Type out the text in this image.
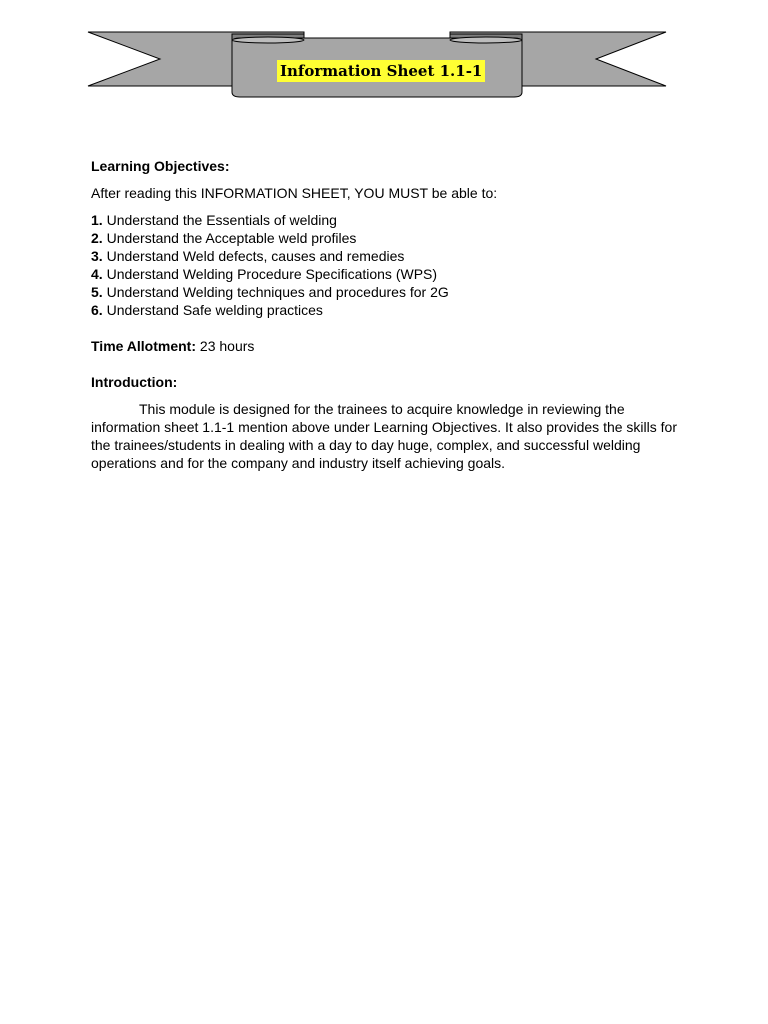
Information Sheet 1.1-1

Learning Objectives:

After reading this INFORMATION SHEET, YOU MUST be able to:

1. Understand the Essentials of welding
2. Understand the Acceptable weld profiles
3. Understand Weld defects, causes and remedies
4. Understand Welding Procedure Specifications (WPS)
5. Understand Welding techniques and procedures for 2G
6. Understand Safe welding practices

Time Allotment: 23 hours

Introduction:

This module is designed for the trainees to acquire knowledge in reviewing the information sheet 1.1-1 mention above under Learning Objectives. It also provides the skills for the trainees/students in dealing with a day to day huge, complex, and successful welding operations and for the company and industry itself achieving goals.
